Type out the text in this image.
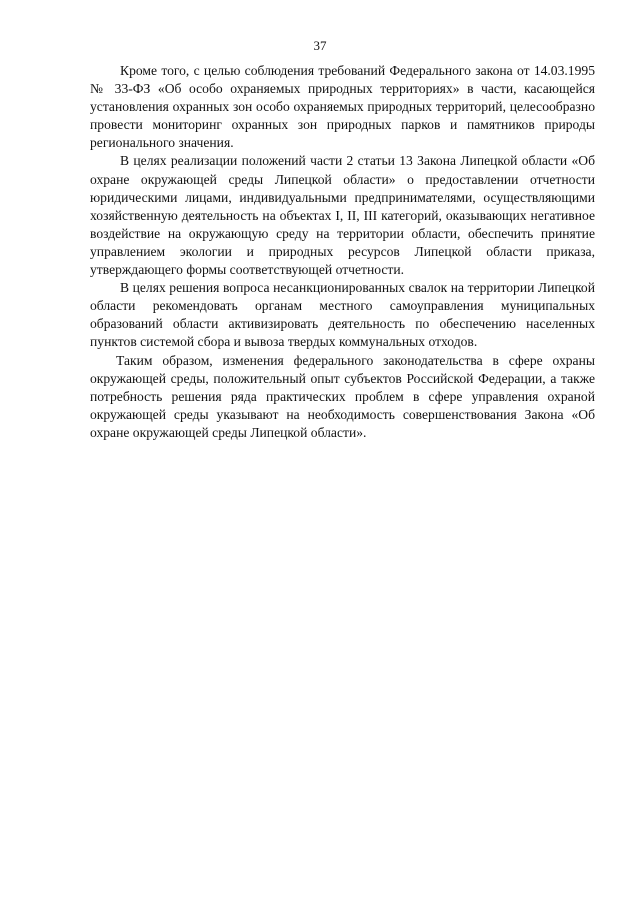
37

Кроме того, с целью соблюдения требований Федерального закона от 14.03.1995 № 33-ФЗ «Об особо охраняемых природных территориях» в части, касающейся установления охранных зон особо охраняемых природных территорий, целесообразно провести мониторинг охранных зон природных парков и памятников природы регионального значения.

В целях реализации положений части 2 статьи 13 Закона Липецкой области «Об охране окружающей среды Липецкой области» о предоставлении отчетности юридическими лицами, индивидуальными предпринимателями, осуществляющими хозяйственную деятельность на объектах I, II, III категорий, оказывающих негативное воздействие на окружающую среду на территории области, обеспечить принятие управлением экологии и природных ресурсов Липецкой области приказа, утверждающего формы соответствующей отчетности.

В целях решения вопроса несанкционированных свалок на территории Липецкой области рекомендовать органам местного самоуправления муниципальных образований области активизировать деятельность по обеспечению населенных пунктов системой сбора и вывоза твердых коммунальных отходов.

Таким образом, изменения федерального законодательства в сфере охраны окружающей среды, положительный опыт субъектов Российской Федерации, а также потребность решения ряда практических проблем в сфере управления охраной окружающей среды указывают на необходимость совершенствования Закона «Об охране окружающей среды Липецкой области».
